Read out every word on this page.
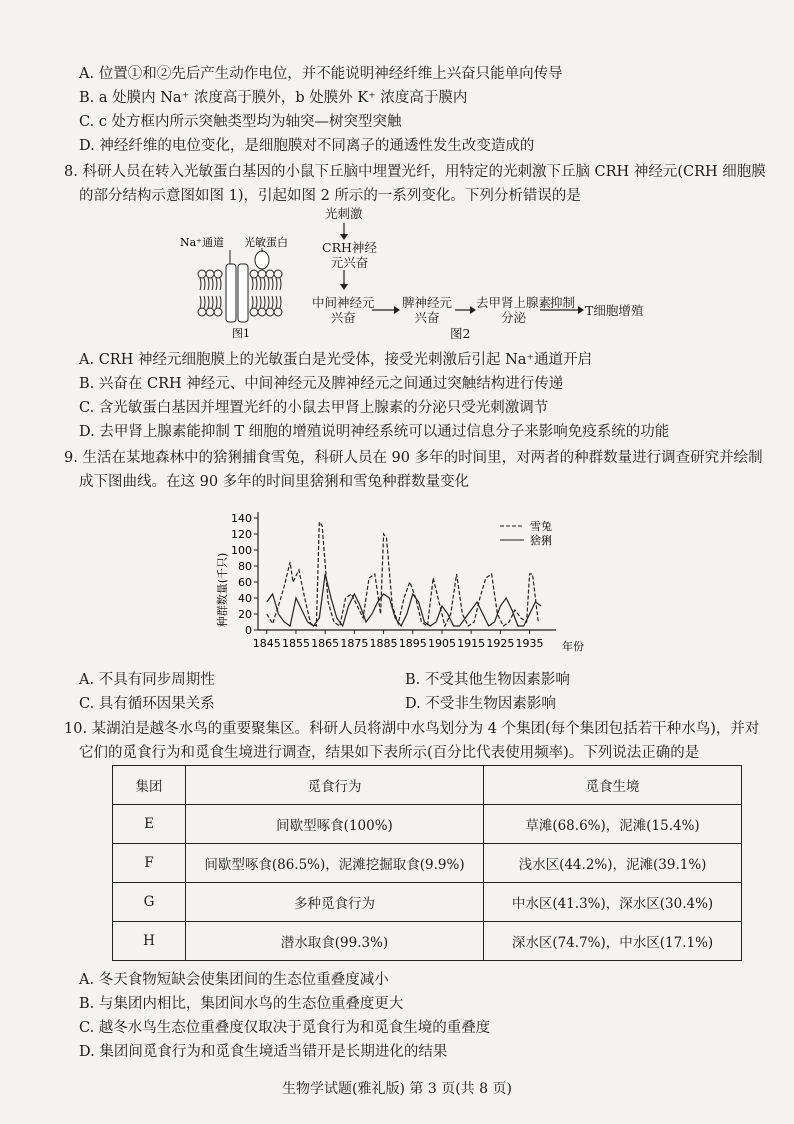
A. 位置①和②先后产生动作电位，并不能说明神经纤维上兴奋只能单向传导
B. a 处膜内 Na⁺ 浓度高于膜外，b 处膜外 K⁺ 浓度高于膜内
C. c 处方框内所示突触类型均为轴突—树突型突触
D. 神经纤维的电位变化，是细胞膜对不同离子的通透性发生改变造成的
8. 科研人员在转入光敏蛋白基因的小鼠下丘脑中埋置光纤，用特定的光刺激下丘脑 CRH 神经元(CRH 细胞膜
的部分结构示意图如图 1)，引起如图 2 所示的一系列变化。下列分析错误的是
Na⁺通道 光敏蛋白
图1
光刺激
CRH神经
元兴奋
中间神经元
兴奋
脾神经元
兴奋
去甲肾上腺素
分泌
抑制
T细胞增殖
图2
A. CRH 神经元细胞膜上的光敏蛋白是光受体，接受光刺激后引起 Na⁺通道开启
B. 兴奋在 CRH 神经元、中间神经元及脾神经元之间通过突触结构进行传递
C. 含光敏蛋白基因并埋置光纤的小鼠去甲肾上腺素的分泌只受光刺激调节
D. 去甲肾上腺素能抑制 T 细胞的增殖说明神经系统可以通过信息分子来影响免疫系统的功能
9. 生活在某地森林中的猞猁捕食雪兔，科研人员在 90 多年的时间里，对两者的种群数量进行调查研究并绘制
成下图曲线。在这 90 多年的时间里猞猁和雪兔种群数量变化
种群数量(千只)
0
20
40
60
80
100
120
140
1845 1855 1865 1875 1885 1895 1905 1915 1925 1935 年份
雪兔
猞猁
A. 不具有同步周期性	B. 不受其他生物因素影响
C. 具有循环因果关系	D. 不受非生物因素影响
10. 某湖泊是越冬水鸟的重要聚集区。科研人员将湖中水鸟划分为 4 个集团(每个集团包括若干种水鸟)，并对
它们的觅食行为和觅食生境进行调查，结果如下表所示(百分比代表使用频率)。下列说法正确的是
集团	觅食行为	觅食生境
E	间歇型啄食(100%)	草滩(68.6%)，泥滩(15.4%)
F	间歇型啄食(86.5%)，泥滩挖掘取食(9.9%)	浅水区(44.2%)，泥滩(39.1%)
G	多种觅食行为	中水区(41.3%)，深水区(30.4%)
H	潜水取食(99.3%)	深水区(74.7%)，中水区(17.1%)
A. 冬天食物短缺会使集团间的生态位重叠度减小
B. 与集团内相比，集团间水鸟的生态位重叠度更大
C. 越冬水鸟生态位重叠度仅取决于觅食行为和觅食生境的重叠度
D. 集团间觅食行为和觅食生境适当错开是长期进化的结果
生物学试题(雅礼版) 第 3 页(共 8 页)
